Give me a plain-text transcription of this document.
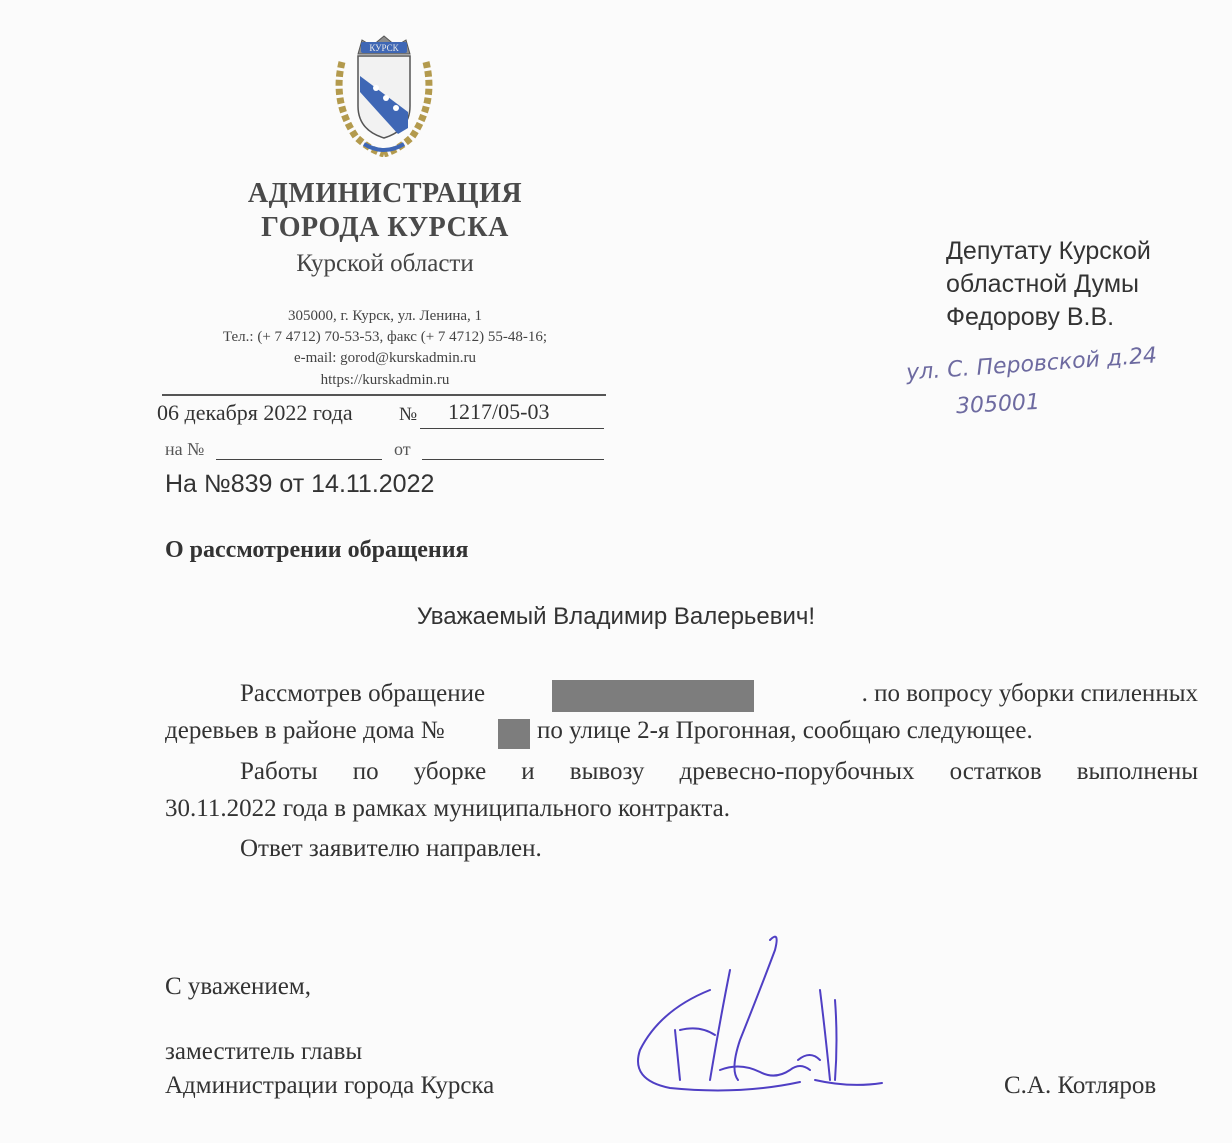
КУРСК
АДМИНИСТРАЦИЯ
ГОРОДА КУРСКА
Курской области
305000, г. Курск, ул. Ленина, 1
Тел.: (+ 7 4712) 70-53-53, факс (+ 7 4712) 55-48-16;
e-mail: gorod@kurskadmin.ru
https://kurskadmin.ru
06 декабря 2022 года № 1217/05-03
на №	от
На №839 от 14.11.2022
Депутату Курской
областной Думы
Федорову В.В.
ул. С. Перовской д.24
305001
О рассмотрении обращения
Уважаемый Владимир Валерьевич!
Рассмотрев обращение	. по вопросу уборки спиленных
деревьев в районе дома №	по улице 2-я Прогонная, сообщаю следующее.
Работы по уборке и вывозу древесно-порубочных остатков выполнены
30.11.2022 года в рамках муниципального контракта.
Ответ заявителю направлен.
С уважением,
заместитель главы
Администрации города Курска	С.А. Котляров
